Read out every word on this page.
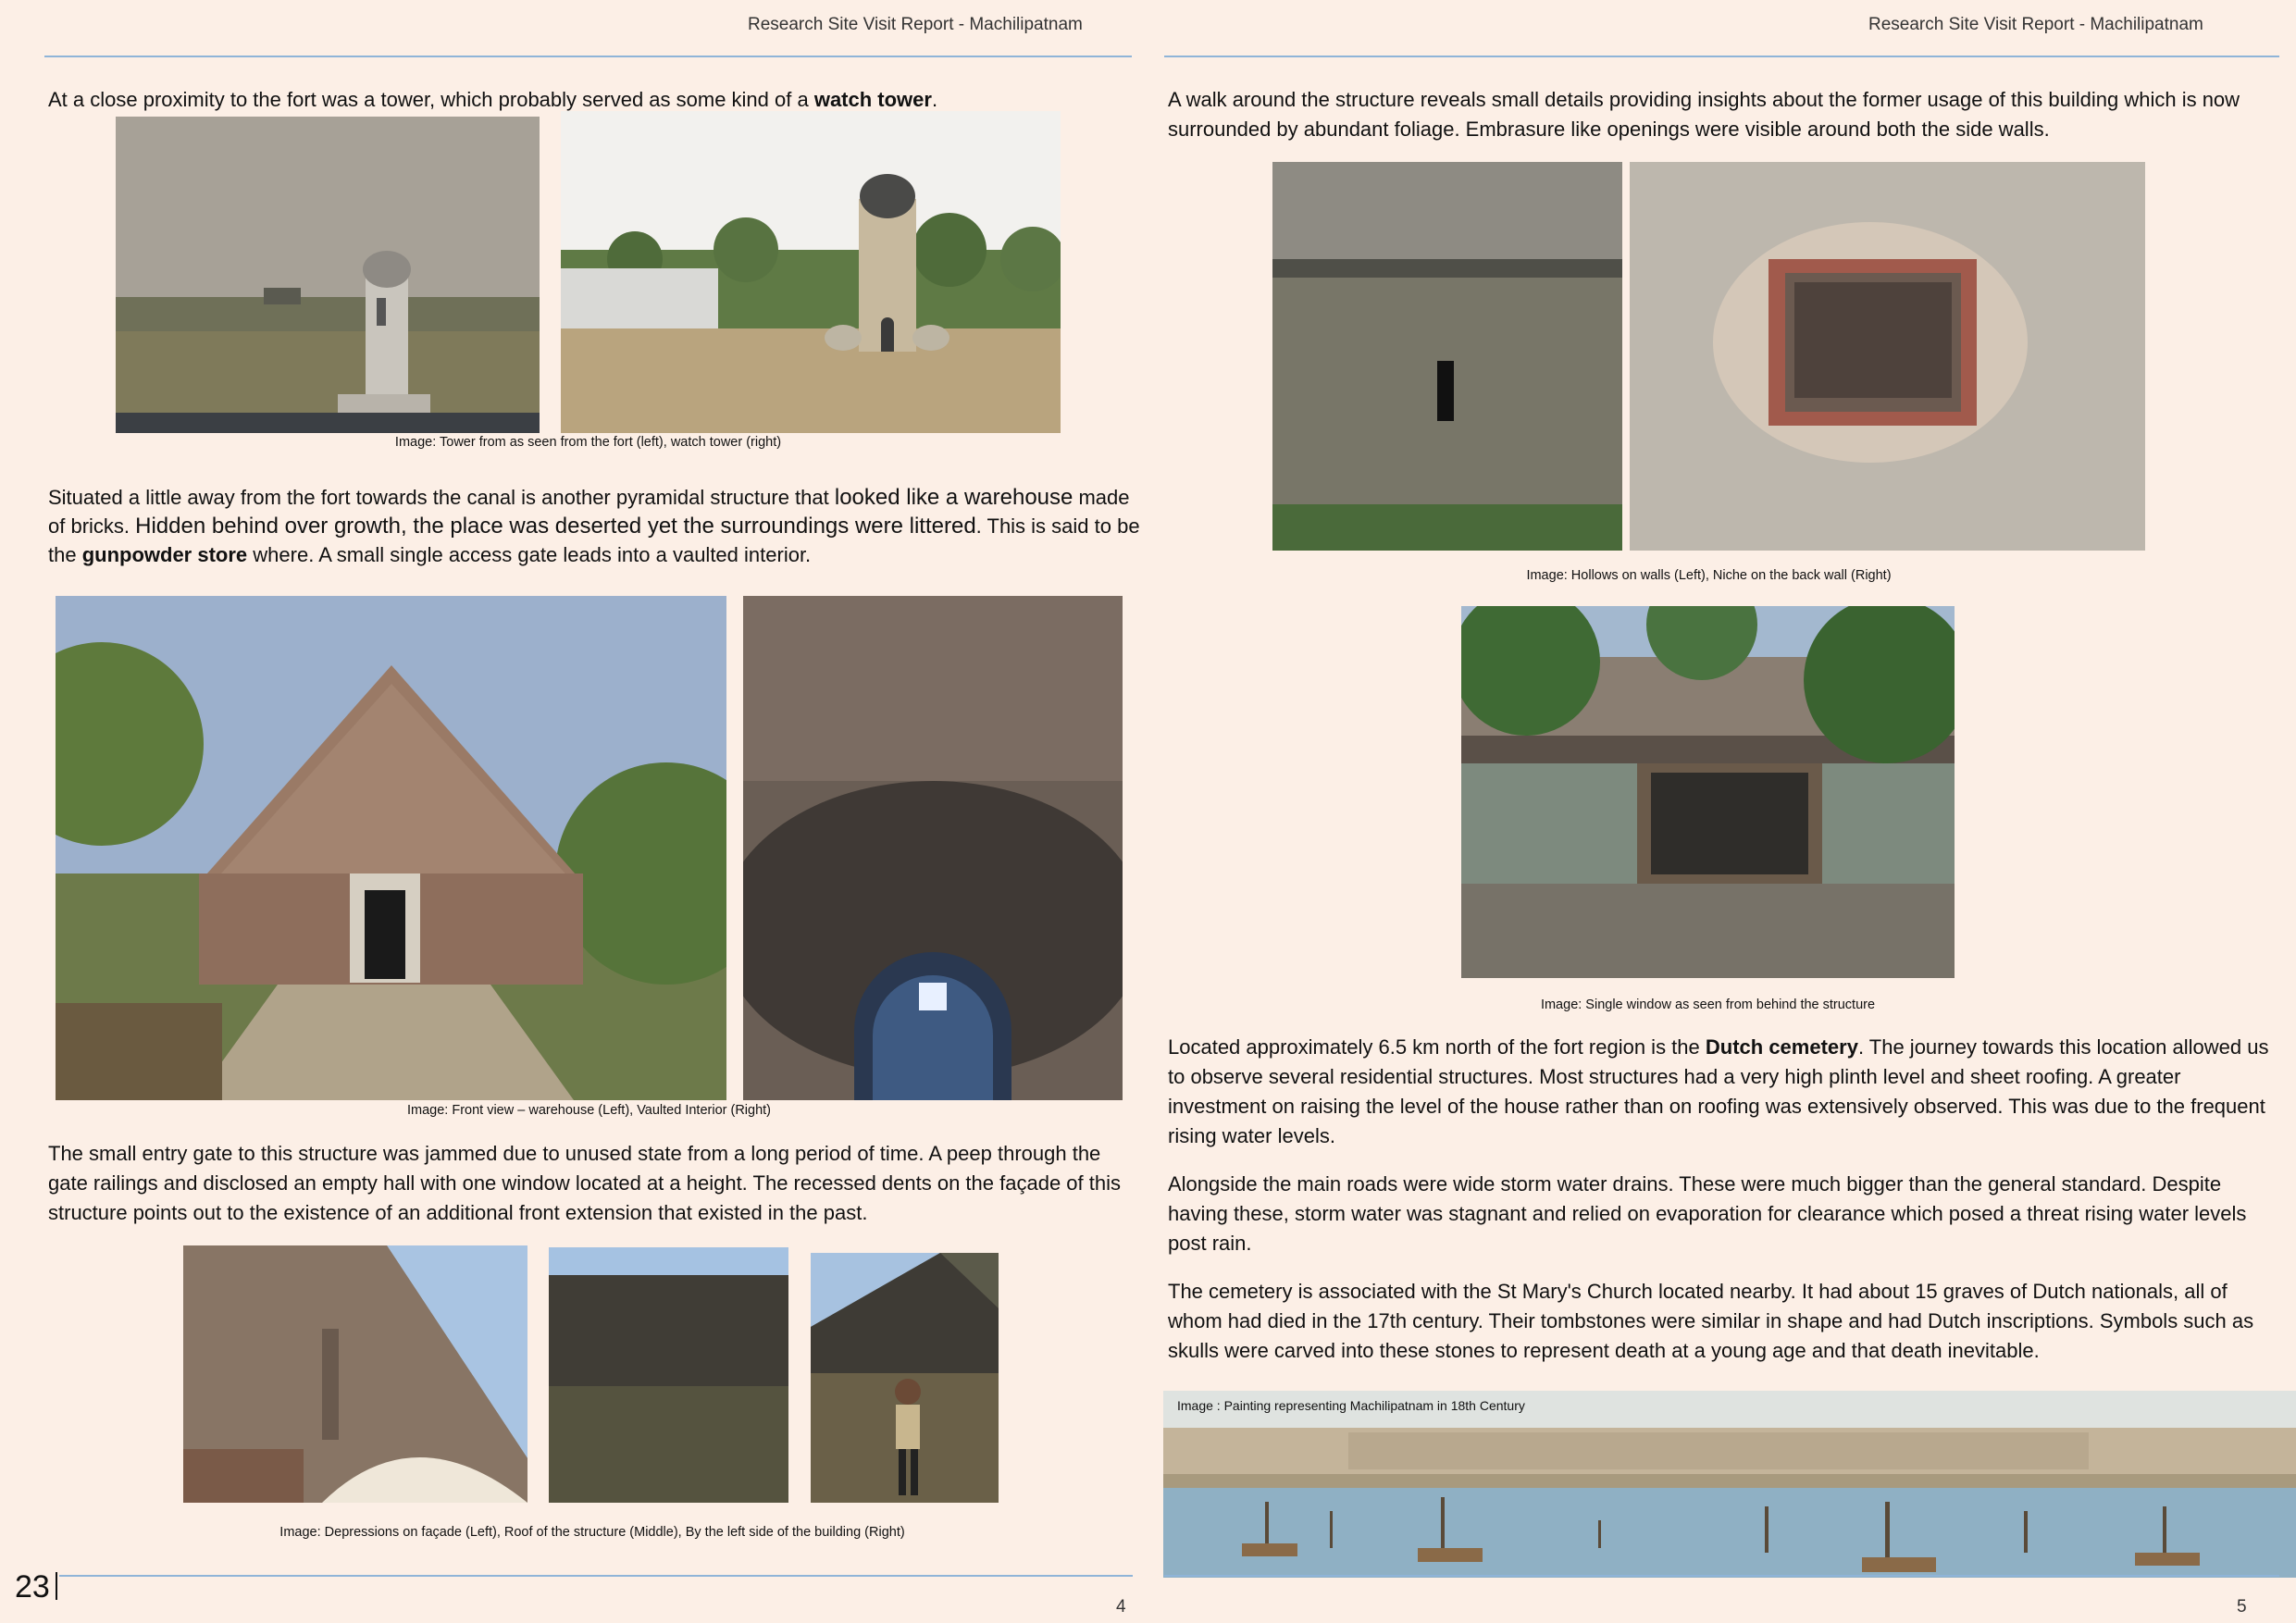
Research Site Visit Report - Machilipatnam

At a close proximity to the fort was a tower, which probably served as some kind of a watch tower.

Image: Tower from as seen from the fort (left), watch tower (right)

Situated a little away from the fort towards the canal is another pyramidal structure that looked like a warehouse made of bricks. Hidden behind over growth, the place was deserted yet the surroundings were littered. This is said to be the gunpowder store where. A small single access gate leads into a vaulted interior.

Image: Front view – warehouse (Left), Vaulted Interior (Right)

The small entry gate to this structure was jammed due to unused state from a long period of time. A peep through the gate railings and disclosed an empty hall with one window located at a height. The recessed dents on the façade of this structure points out to the existence of an additional front extension that existed in the past.

Image: Depressions on façade (Left), Roof of the structure (Middle), By the left side of the building (Right)
23
4
Research Site Visit Report - Machilipatnam

A walk around the structure reveals small details providing insights about the former usage of this building which is now surrounded by abundant foliage. Embrasure like openings were visible around both the side walls.

Image: Hollows on walls (Left), Niche on the back wall (Right)
Image: Single window as seen from behind the structure

Located approximately 6.5 km north of the fort region is the Dutch cemetery. The journey towards this location allowed us to observe several residential structures. Most structures had a very high plinth level and sheet roofing. A greater investment on raising the level of the house rather than on roofing was extensively observed. This was due to the frequent rising water levels.

Alongside the main roads were wide storm water drains. These were much bigger than the general standard. Despite having these, storm water was stagnant and relied on evaporation for clearance which posed a threat rising water levels post rain.

The cemetery is associated with the St Mary's Church located nearby. It had about 15 graves of Dutch nationals, all of whom had died in the 17th century. Their tombstones were similar in shape and had Dutch inscriptions. Symbols such as skulls were carved into these stones to represent death at a young age and that death inevitable.

Image : Painting representing Machilipatnam in 18th Century
5
